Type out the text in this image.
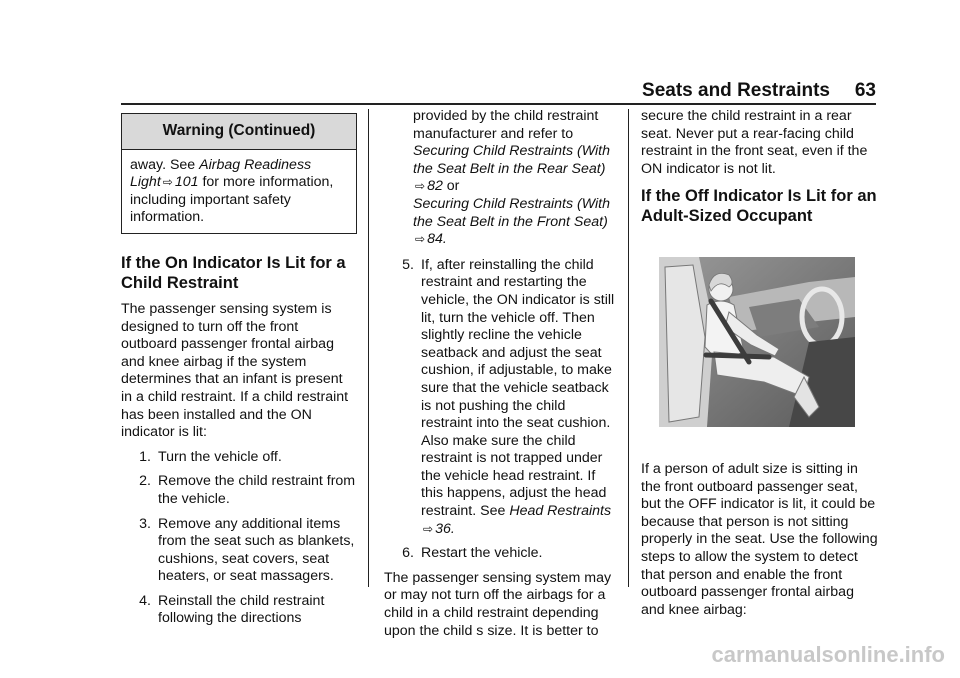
Seats and Restraints	63
Warning (Continued)
away. See Airbag Readiness Light ⇨ 101 for more information, including important safety information.
If the On Indicator Is Lit for a Child Restraint

The passenger sensing system is designed to turn off the front outboard passenger frontal airbag and knee airbag if the system determines that an infant is present in a child restraint. If a child restraint has been installed and the ON indicator is lit:

1. Turn the vehicle off.
2. Remove the child restraint from the vehicle.
3. Remove any additional items from the seat such as blankets, cushions, seat covers, seat heaters, or seat massagers.
4. Reinstall the child restraint following the directions
provided by the child restraint manufacturer and refer to
Securing Child Restraints (With the Seat Belt in the Rear Seat)
⇨ 82 or
Securing Child Restraints (With the Seat Belt in the Front Seat)
⇨ 84.
5. If, after reinstalling the child restraint and restarting the vehicle, the ON indicator is still lit, turn the vehicle off. Then slightly recline the vehicle seatback and adjust the seat cushion, if adjustable, to make sure that the vehicle seatback is not pushing the child restraint into the seat cushion. Also make sure the child restraint is not trapped under the vehicle head restraint. If this happens, adjust the head restraint. See Head Restraints
⇨ 36.
6. Restart the vehicle.

The passenger sensing system may or may not turn off the airbags for a child in a child restraint depending upon the child s size. It is better to

secure the child restraint in a rear seat. Never put a rear-facing child restraint in the front seat, even if the ON indicator is not lit.

If the Off Indicator Is Lit for an Adult-Sized Occupant

If a person of adult size is sitting in the front outboard passenger seat, but the OFF indicator is lit, it could be because that person is not sitting properly in the seat. Use the following steps to allow the system to detect that person and enable the front outboard passenger frontal airbag and knee airbag:

carmanualsonline.info
